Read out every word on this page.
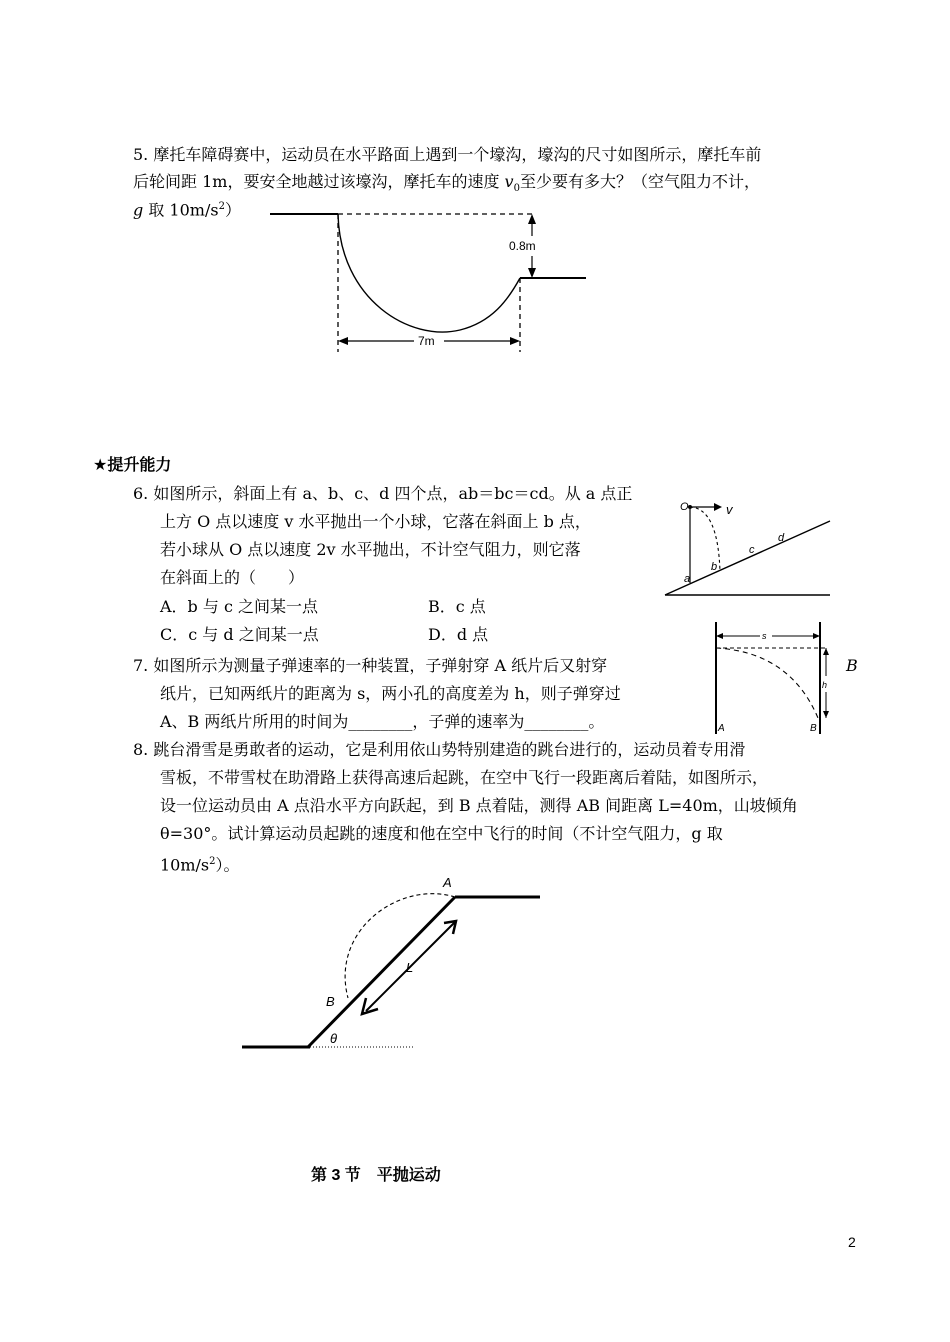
5. 摩托车障碍赛中，运动员在水平路面上遇到一个壕沟，壕沟的尺寸如图所示，摩托车前
后轮间距 1m，要安全地越过该壕沟，摩托车的速度 $v_0$至少要有多大？（空气阻力不计，
g 取 $10m/s^2$）
0.8m
7m
★提升能力
6. 如图所示，斜面上有 a、b、c、d 四个点，ab＝bc＝cd。从 a 点正
上方 O 点以速度 v 水平抛出一个小球，它落在斜面上 b 点，
若小球从 O 点以速度 2v 水平抛出，不计空气阻力，则它落
在斜面上的（　　）
A．b 与 c 之间某一点	B．c 点
C．c 与 d 之间某一点	D．d 点
O	v
a
b
c
d
7. 如图所示为测量子弹速率的一种装置，子弹射穿 A 纸片后又射穿	B
纸片，已知两纸片的距离为 s，两小孔的高度差为 h，则子弹穿过
A、B 两纸片所用的时间为________，子弹的速率为________。
s
h
A	B
8. 跳台滑雪是勇敢者的运动，它是利用依山势特别建造的跳台进行的，运动员着专用滑
雪板，不带雪杖在助滑路上获得高速后起跳，在空中飞行一段距离后着陆，如图所示，
设一位运动员由 A 点沿水平方向跃起，到 B 点着陆，测得 AB 间距离 L=40m，山坡倾角
θ=30°。试计算运动员起跳的速度和他在空中飞行的时间（不计空气阻力，g 取
$10m/s^2$）。
A
B
L
θ
第 3 节　平抛运动
2
